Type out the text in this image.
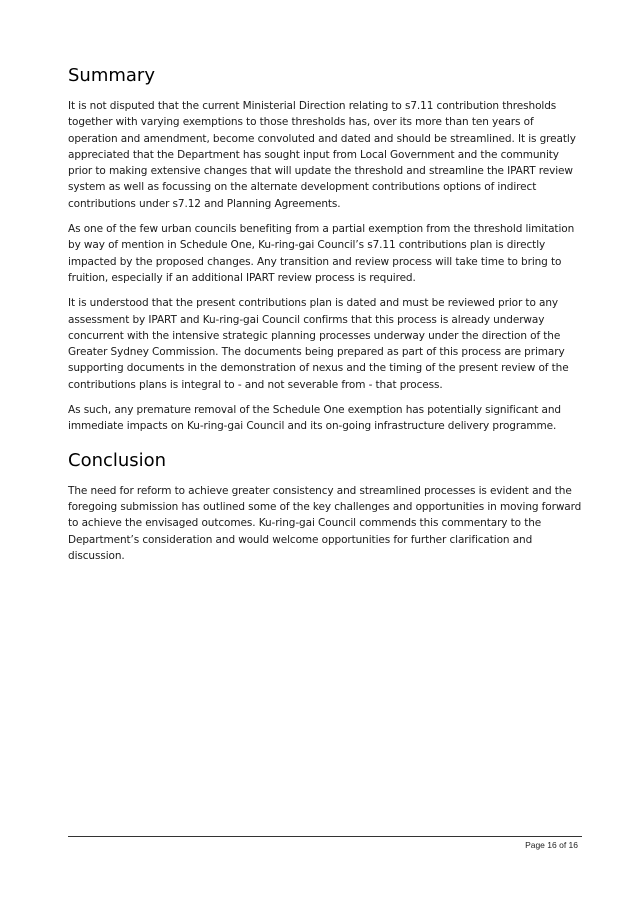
Summary

It is not disputed that the current Ministerial Direction relating to s7.11 contribution thresholds together with varying exemptions to those thresholds has, over its more than ten years of operation and amendment, become convoluted and dated and should be streamlined. It is greatly appreciated that the Department has sought input from Local Government and the community prior to making extensive changes that will update the threshold and streamline the IPART review system as well as focussing on the alternate development contributions options of indirect contributions under s7.12 and Planning Agreements.

As one of the few urban councils benefiting from a partial exemption from the threshold limitation by way of mention in Schedule One, Ku-ring-gai Council’s s7.11 contributions plan is directly impacted by the proposed changes. Any transition and review process will take time to bring to fruition, especially if an additional IPART review process is required.

It is understood that the present contributions plan is dated and must be reviewed prior to any assessment by IPART and Ku-ring-gai Council confirms that this process is already underway concurrent with the intensive strategic planning processes underway under the direction of the Greater Sydney Commission. The documents being prepared as part of this process are primary supporting documents in the demonstration of nexus and the timing of the present review of the contributions plans is integral to - and not severable from - that process.

As such, any premature removal of the Schedule One exemption has potentially significant and immediate impacts on Ku-ring-gai Council and its on-going infrastructure delivery programme.

Conclusion

The need for reform to achieve greater consistency and streamlined processes is evident and the foregoing submission has outlined some of the key challenges and opportunities in moving forward to achieve the envisaged outcomes. Ku-ring-gai Council commends this commentary to the Department’s consideration and would welcome opportunities for further clarification and discussion.

Page 16 of 16
